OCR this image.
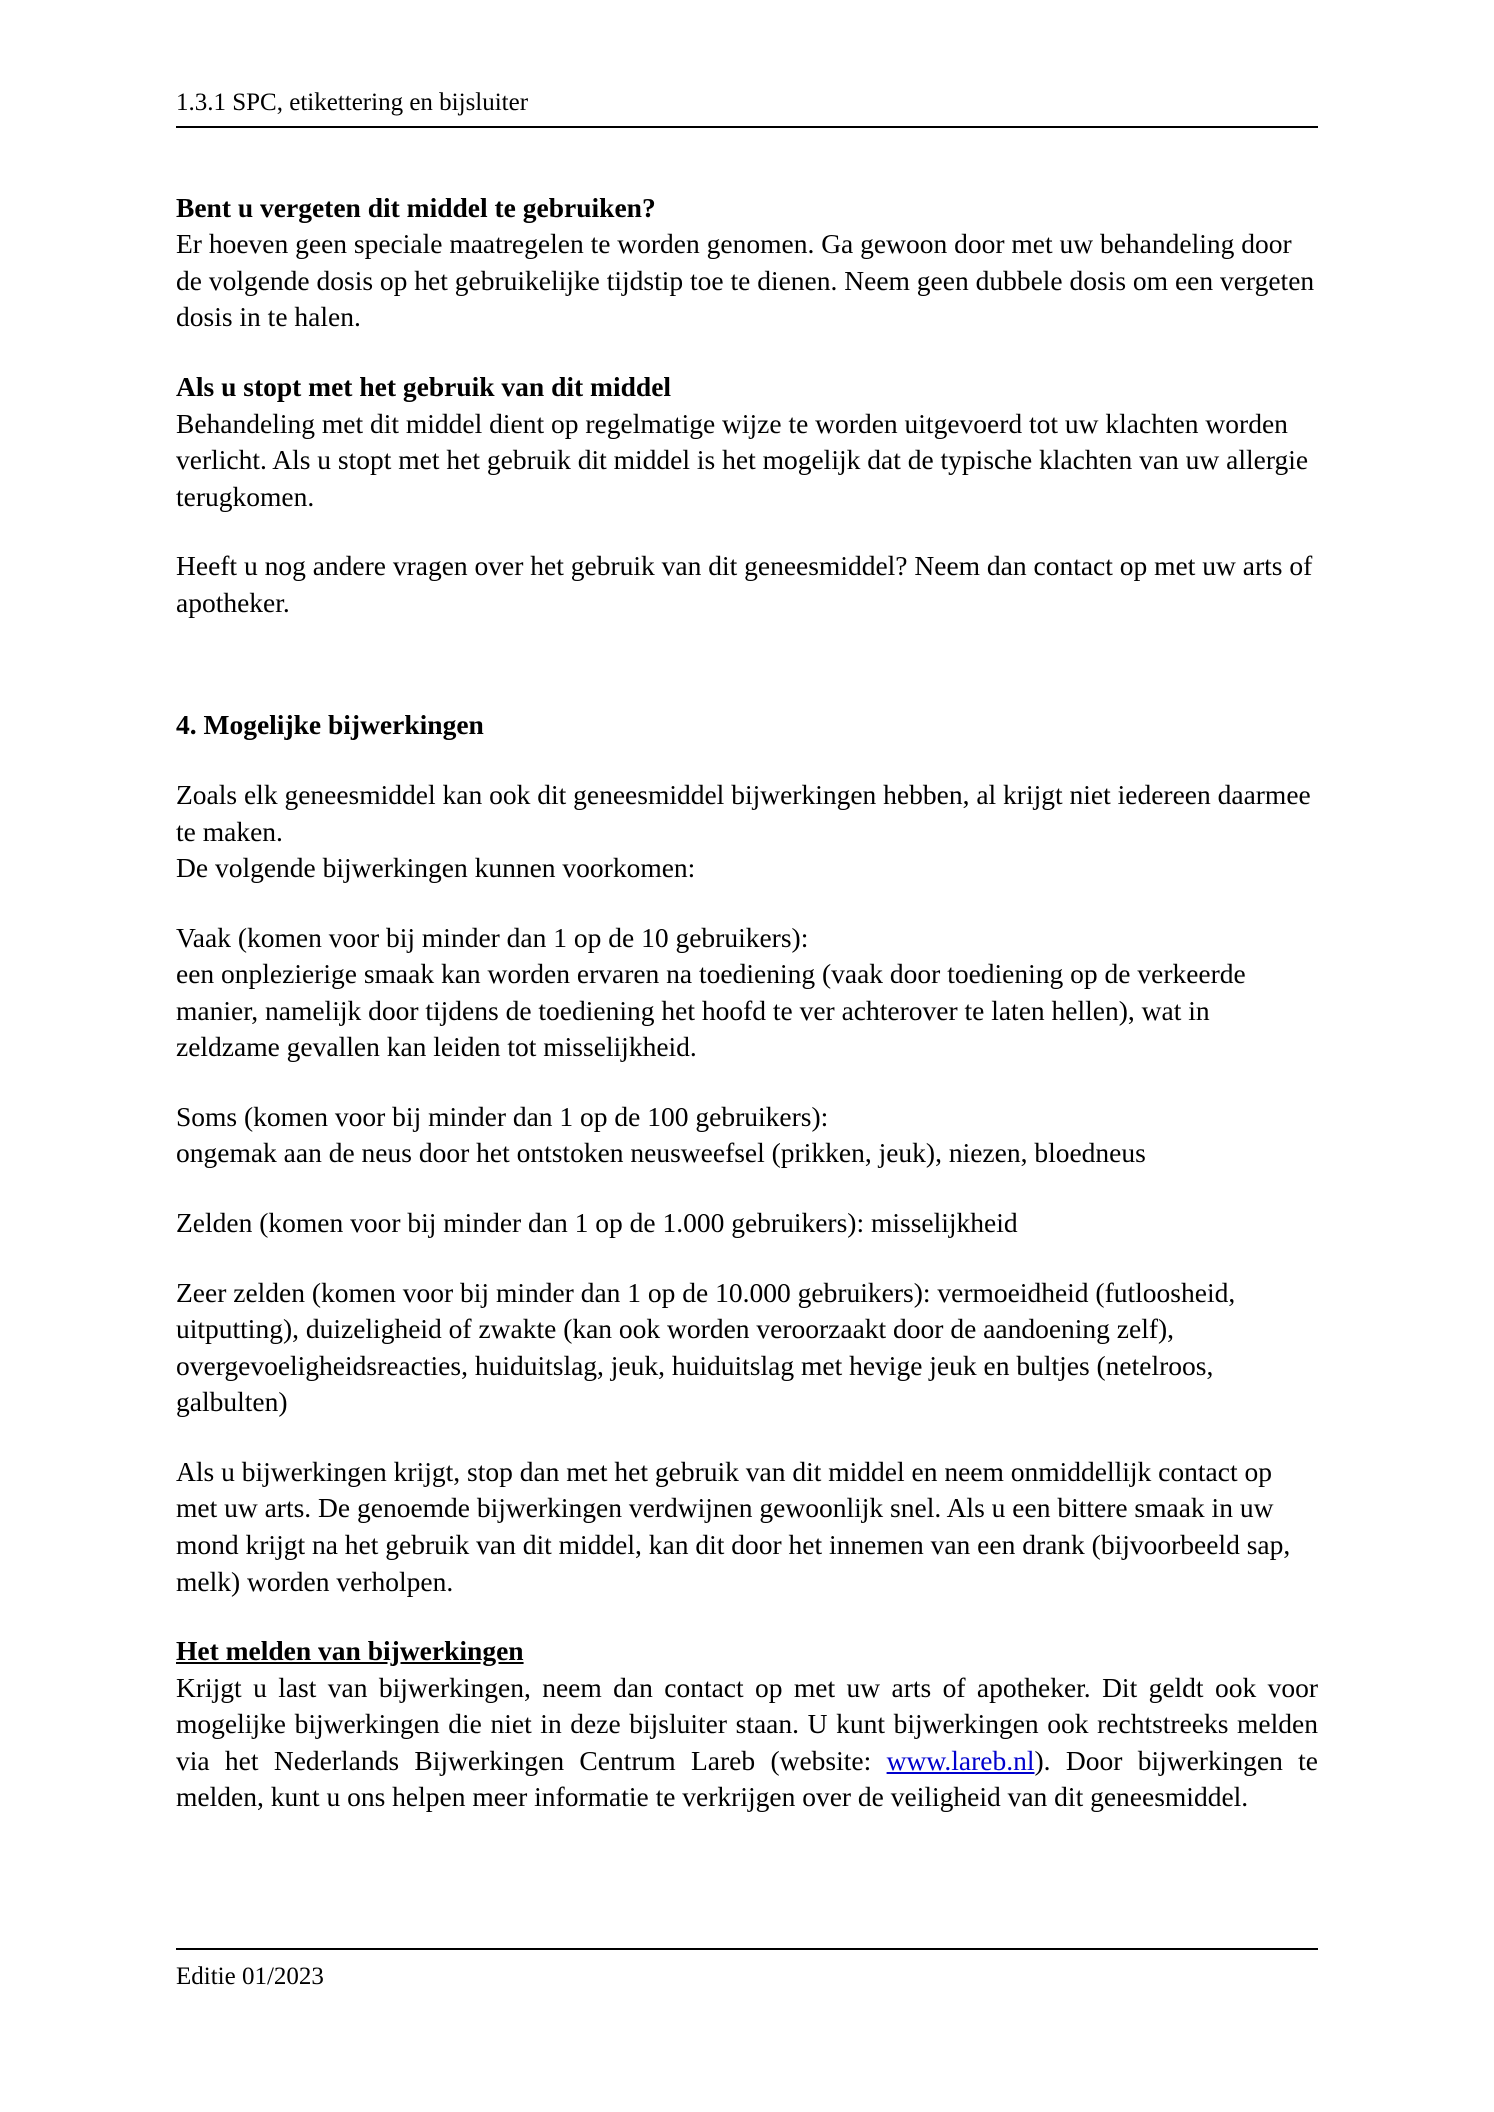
1.3.1 SPC, etikettering en bijsluiter

Bent u vergeten dit middel te gebruiken?

Er hoeven geen speciale maatregelen te worden genomen. Ga gewoon door met uw behandeling door de volgende dosis op het gebruikelijke tijdstip toe te dienen. Neem geen dubbele dosis om een vergeten dosis in te halen.

Als u stopt met het gebruik van dit middel

Behandeling met dit middel dient op regelmatige wijze te worden uitgevoerd tot uw klachten worden verlicht. Als u stopt met het gebruik dit middel is het mogelijk dat de typische klachten van uw allergie terugkomen.

Heeft u nog andere vragen over het gebruik van dit geneesmiddel? Neem dan contact op met uw arts of apotheker.

4. Mogelijke bijwerkingen

Zoals elk geneesmiddel kan ook dit geneesmiddel bijwerkingen hebben, al krijgt niet iedereen daarmee te maken.

De volgende bijwerkingen kunnen voorkomen:

Vaak (komen voor bij minder dan 1 op de 10 gebruikers):

een onplezierige smaak kan worden ervaren na toediening (vaak door toediening op de verkeerde manier, namelijk door tijdens de toediening het hoofd te ver achterover te laten hellen), wat in zeldzame gevallen kan leiden tot misselijkheid.

Soms (komen voor bij minder dan 1 op de 100 gebruikers):

ongemak aan de neus door het ontstoken neusweefsel (prikken, jeuk), niezen, bloedneus

Zelden (komen voor bij minder dan 1 op de 1.000 gebruikers): misselijkheid

Zeer zelden (komen voor bij minder dan 1 op de 10.000 gebruikers): vermoeidheid (futloosheid, uitputting), duizeligheid of zwakte (kan ook worden veroorzaakt door de aandoening zelf), overgevoeligheidsreacties, huiduitslag, jeuk, huiduitslag met hevige jeuk en bultjes (netelroos, galbulten)

Als u bijwerkingen krijgt, stop dan met het gebruik van dit middel en neem onmiddellijk contact op met uw arts. De genoemde bijwerkingen verdwijnen gewoonlijk snel. Als u een bittere smaak in uw mond krijgt na het gebruik van dit middel, kan dit door het innemen van een drank (bijvoorbeeld sap, melk) worden verholpen.

Het melden van bijwerkingen

Krijgt u last van bijwerkingen, neem dan contact op met uw arts of apotheker. Dit geldt ook voor mogelijke bijwerkingen die niet in deze bijsluiter staan. U kunt bijwerkingen ook rechtstreeks melden via het Nederlands Bijwerkingen Centrum Lareb (website: www.lareb.nl). Door bijwerkingen te melden, kunt u ons helpen meer informatie te verkrijgen over de veiligheid van dit geneesmiddel.

Editie 01/2023
